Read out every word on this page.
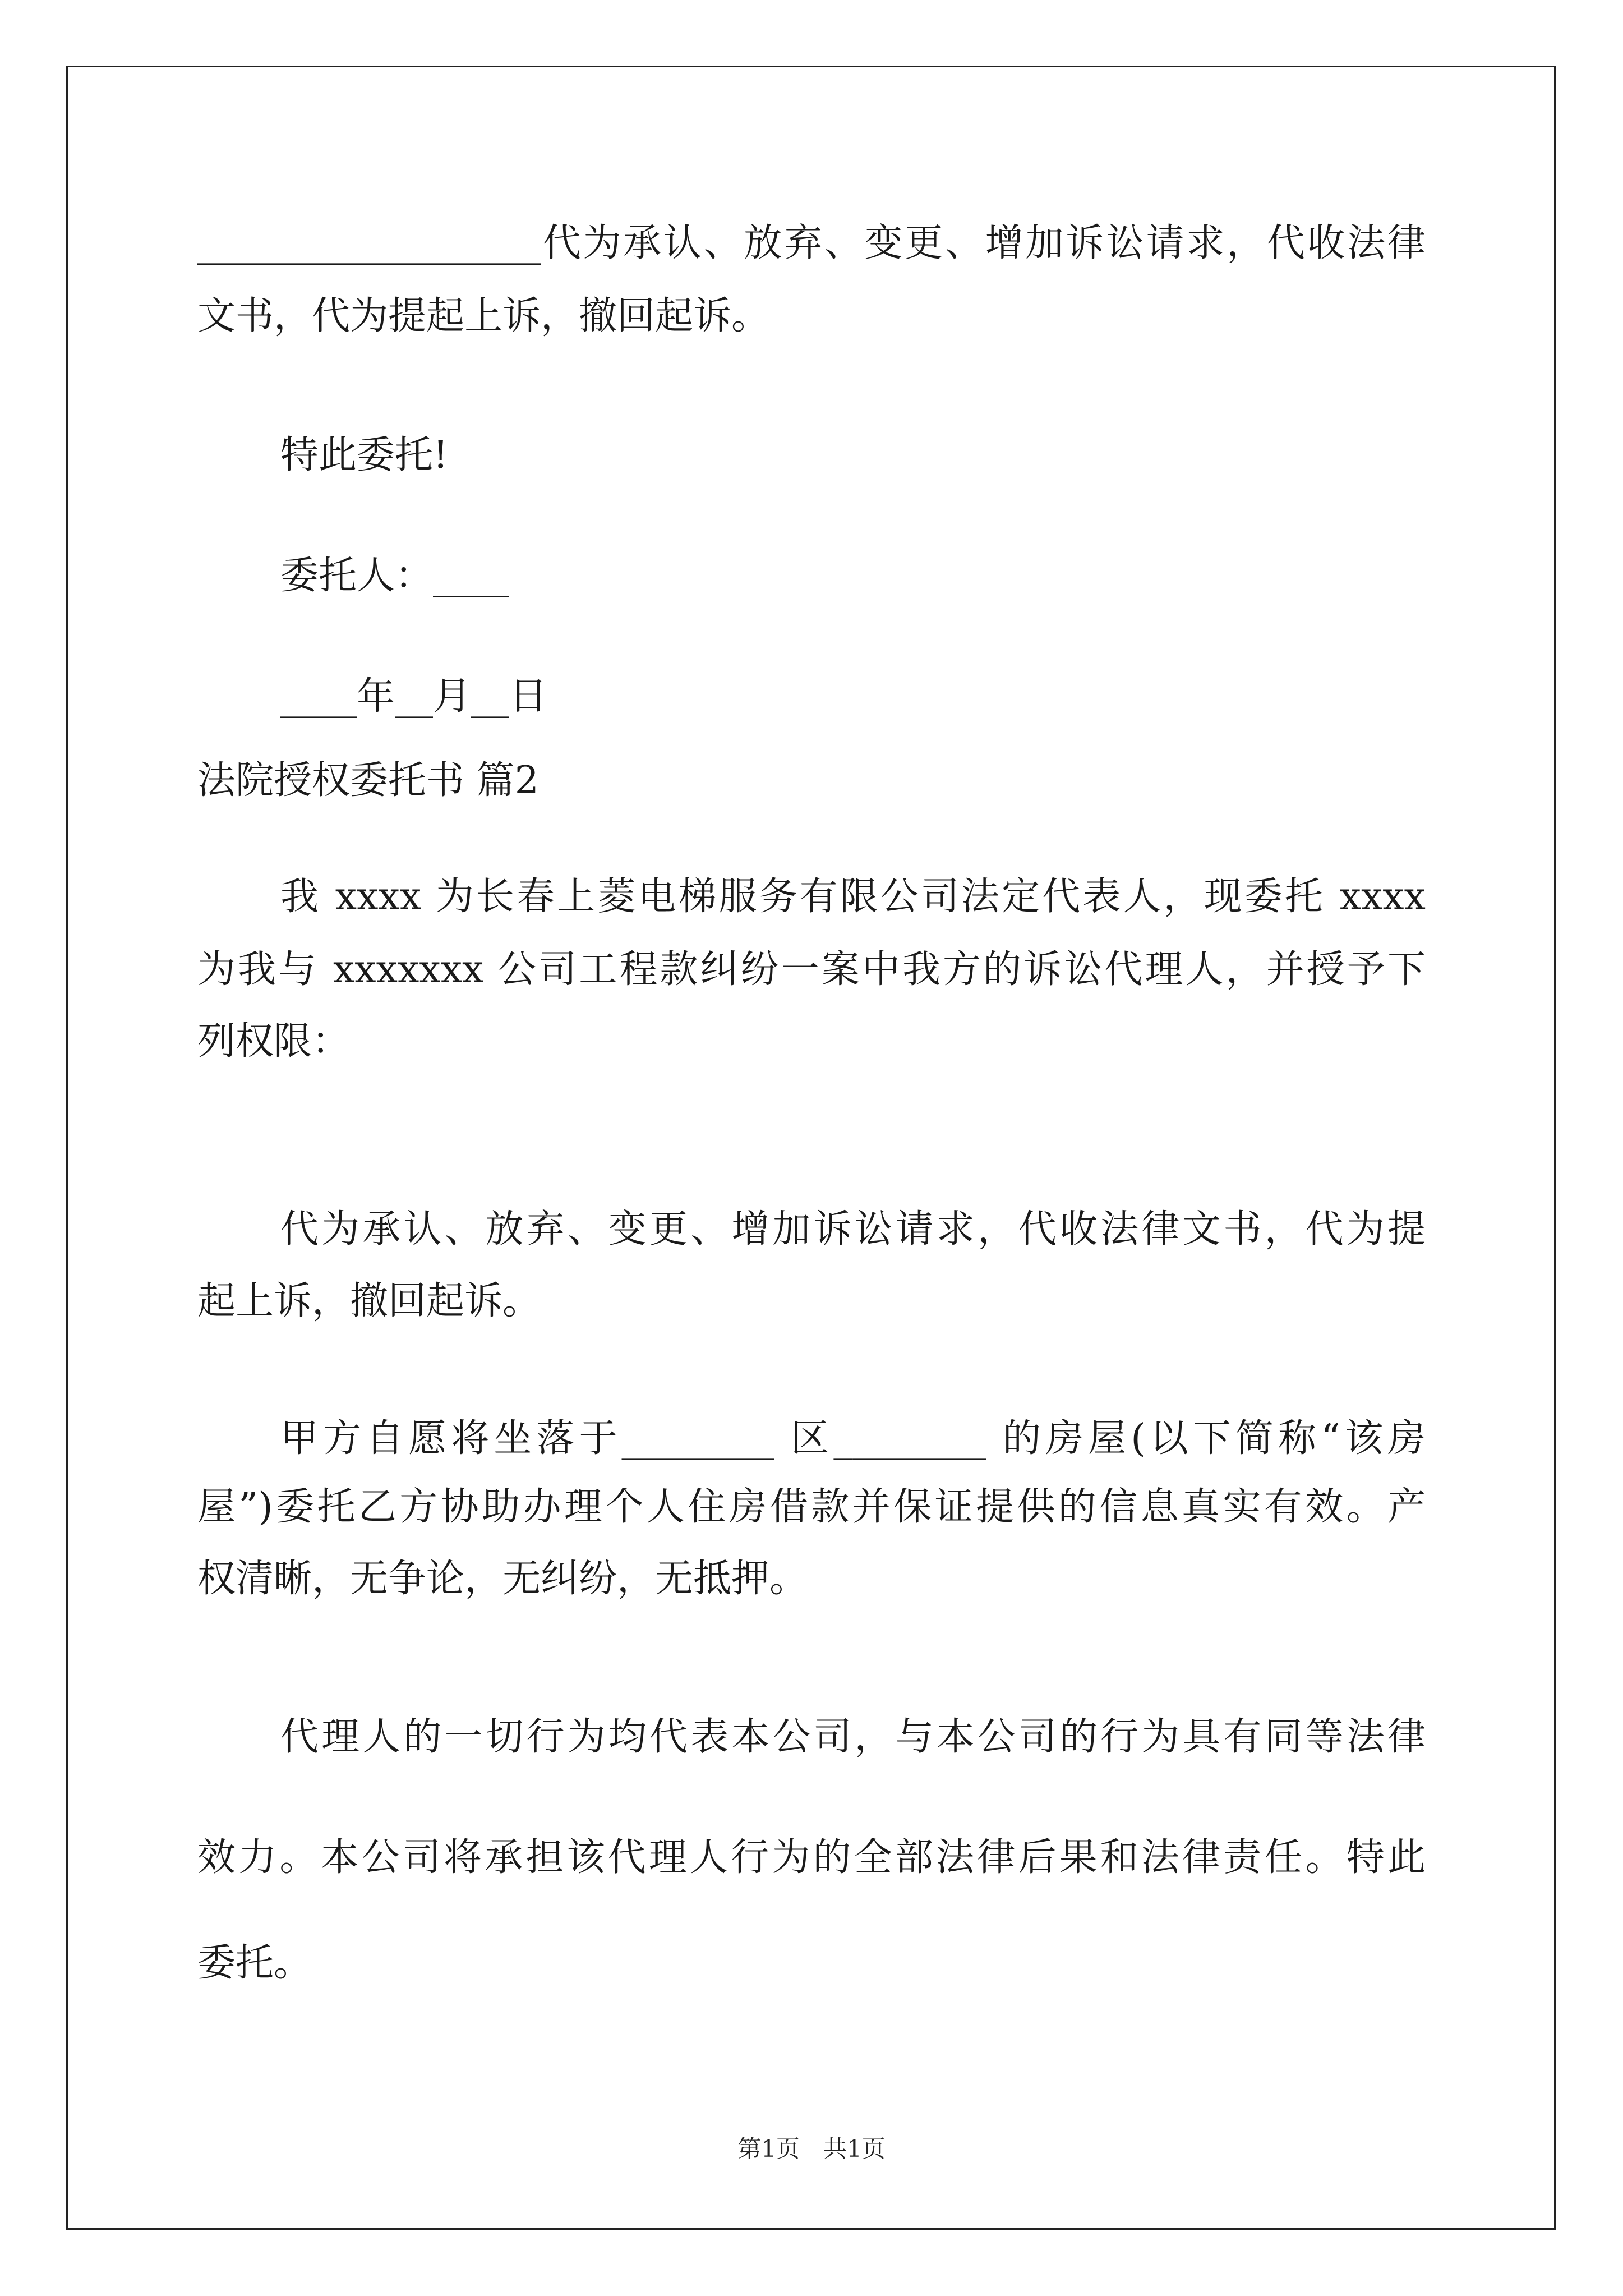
__________________代为承认、放弃、变更、增加诉讼请求，代收法律
文书，代为提起上诉，撤回起诉。
特此委托!
委托人：____
____年__月__日
法院授权委托书 篇2
我 xxxx 为长春上菱电梯服务有限公司法定代表人，现委托 xxxx
为我与 xxxxxxx 公司工程款纠纷一案中我方的诉讼代理人，并授予下
列权限：
代为承认、放弃、变更、增加诉讼请求，代收法律文书，代为提
起上诉，撤回起诉。
甲方自愿将坐落于________ 区________ 的房屋(以下简称“该房
屋”)委托乙方协助办理个人住房借款并保证提供的信息真实有效。产
权清晰，无争论，无纠纷，无抵押。
代理人的一切行为均代表本公司，与本公司的行为具有同等法律
效力。本公司将承担该代理人行为的全部法律后果和法律责任。特此
委托。
第1页　共1页
